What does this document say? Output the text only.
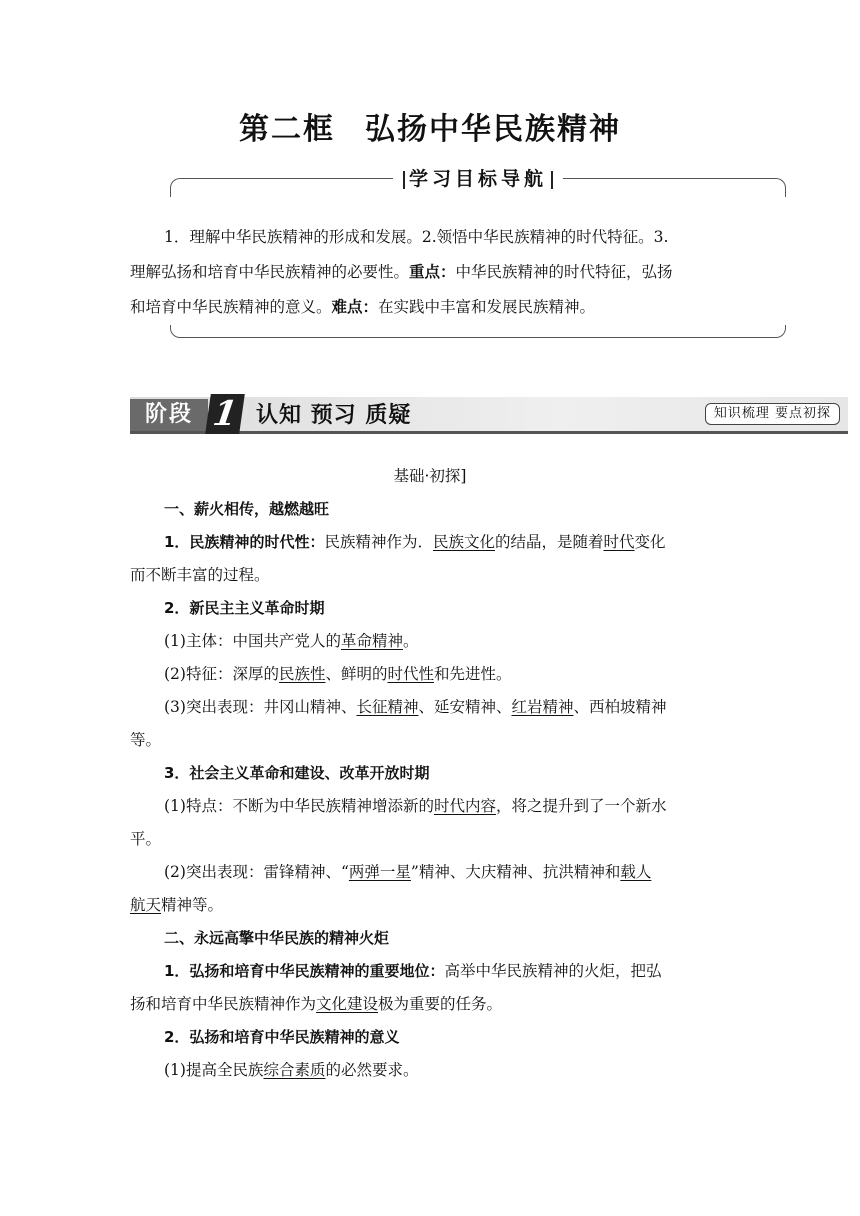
第二框 弘扬中华民族精神
学习目标导航
1．理解中华民族精神的形成和发展。2.领悟中华民族精神的时代特征。3.
理解弘扬和培育中华民族精神的必要性。重点：中华民族精神的时代特征，弘扬
和培育中华民族精神的意义。难点：在实践中丰富和发展民族精神。
阶段 1 认知 预习 质疑	知识梳理 要点初探

基础·初探]

一、薪火相传，越燃越旺

1．民族精神的时代性：民族精神作为．民族文化的结晶，是随着时代变化

而不断丰富的过程。

2．新民主主义革命时期

(1)主体：中国共产党人的革命精神。

(2)特征：深厚的民族性、鲜明的时代性和先进性。

(3)突出表现：井冈山精神、长征精神、延安精神、红岩精神、西柏坡精神

等。

3．社会主义革命和建设、改革开放时期

(1)特点：不断为中华民族精神增添新的时代内容，将之提升到了一个新水

平。

(2)突出表现：雷锋精神、“两弹一星”精神、大庆精神、抗洪精神和载人

航天精神等。

二、永远高擎中华民族的精神火炬

1．弘扬和培育中华民族精神的重要地位：高举中华民族精神的火炬，把弘

扬和培育中华民族精神作为文化建设极为重要的任务。

2．弘扬和培育中华民族精神的意义

(1)提高全民族综合素质的必然要求。
